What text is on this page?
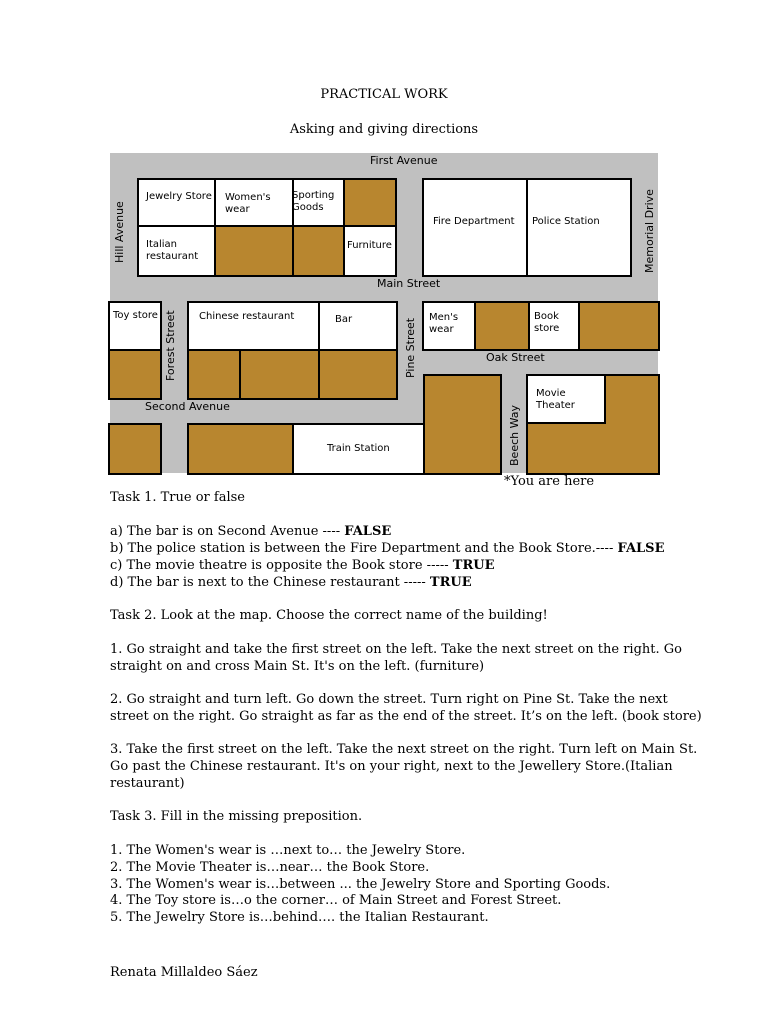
PRACTICAL WORK
Asking and giving directions
Jewelry Store Women's wear
Sporting Goods
Italian restaurant
Furniture
Fire Department Police Station
Toy store	Chinese restaurant	Bar	Men's wear
Book store
Movie Theater
Train Station
First Avenue
Main Street
Oak Street
Second Avenue
Hill Avenue	Memorial Drive
Forest Street	Pine Street
Beech Way
*You are here
Task 1. True or false
a) The bar is on Second Avenue ---- FALSE
b) The police station is between the Fire Department and the Book Store.---- FALSE
c) The movie theatre is opposite the Book store ----- TRUE
d) The bar is next to the Chinese restaurant ----- TRUE
Task 2. Look at the map. Choose the correct name of the building!
1. Go straight and take the first street on the left. Take the next street on the right. Go
straight on and cross Main St. It's on the left. (furniture)
2. Go straight and turn left. Go down the street. Turn right on Pine St. Take the next
street on the right. Go straight as far as the end of the street. It’s on the left. (book store)
3. Take the first street on the left. Take the next street on the right. Turn left on Main St.
Go past the Chinese restaurant. It's on your right, next to the Jewellery Store.(Italian
restaurant)
Task 3. Fill in the missing preposition.
1. The Women's wear is …next to… the Jewelry Store.
2. The Movie Theater is…near… the Book Store.
3. The Women's wear is…between ... the Jewelry Store and Sporting Goods.
4. The Toy store is…o the corner… of Main Street and Forest Street.
5. The Jewelry Store is…behind…. the Italian Restaurant.
Renata Millaldeo Sáez
